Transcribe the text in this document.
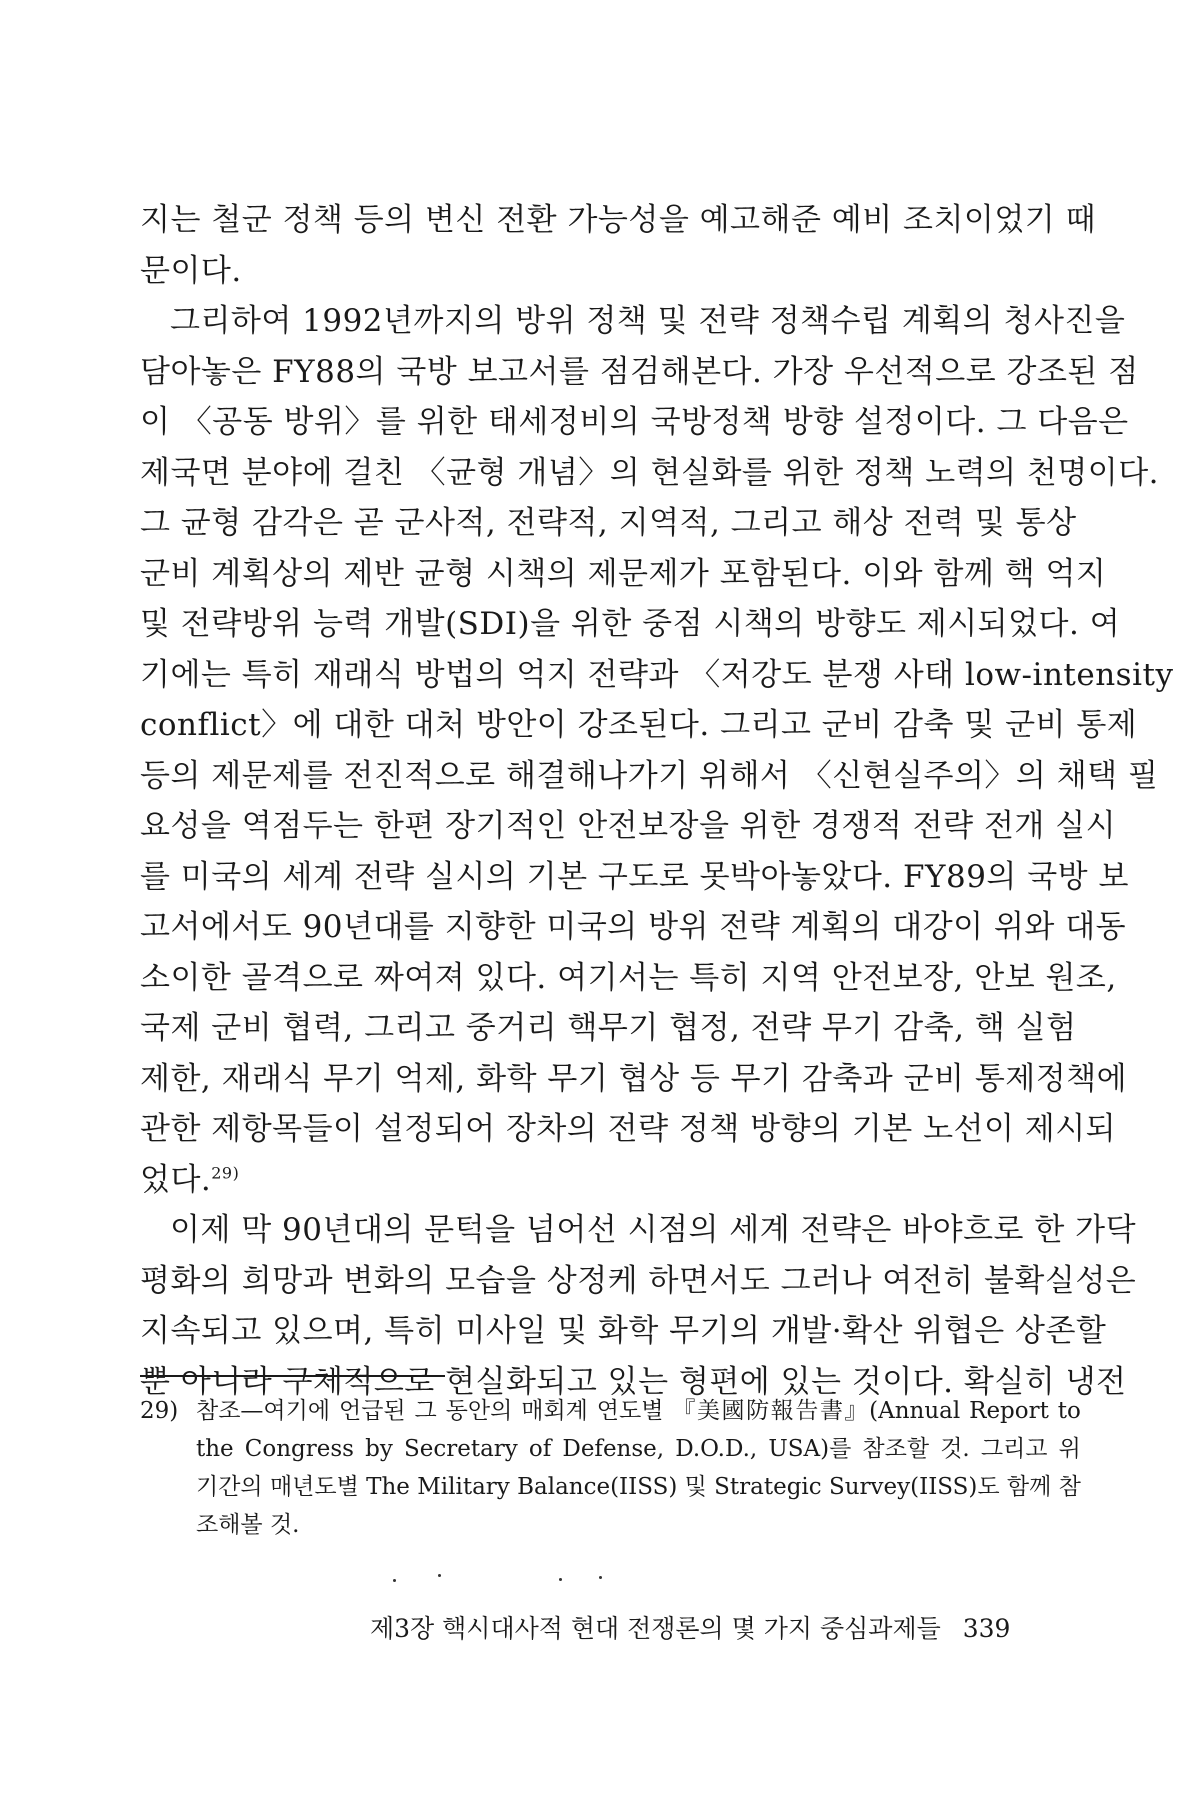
지는 철군 정책 등의 변신 전환 가능성을 예고해준 예비 조치이었기 때
문이다.
그리하여 1992년까지의 방위 정책 및 전략 정책수립 계획의 청사진을
담아놓은 FY88의 국방 보고서를 점검해본다. 가장 우선적으로 강조된 점
이 〈공동 방위〉를 위한 태세정비의 국방정책 방향 설정이다. 그 다음은
제국면 분야에 걸친 〈균형 개념〉의 현실화를 위한 정책 노력의 천명이다.
그 균형 감각은 곧 군사적, 전략적, 지역적, 그리고 해상 전력 및 통상
군비 계획상의 제반 균형 시책의 제문제가 포함된다. 이와 함께 핵 억지
및 전략방위 능력 개발(SDI)을 위한 중점 시책의 방향도 제시되었다. 여
기에는 특히 재래식 방법의 억지 전략과 〈저강도 분쟁 사태 low-intensity
conflict〉에 대한 대처 방안이 강조된다. 그리고 군비 감축 및 군비 통제
등의 제문제를 전진적으로 해결해나가기 위해서 〈신현실주의〉의 채택 필
요성을 역점두는 한편 장기적인 안전보장을 위한 경쟁적 전략 전개 실시
를 미국의 세계 전략 실시의 기본 구도로 못박아놓았다. FY89의 국방 보
고서에서도 90년대를 지향한 미국의 방위 전략 계획의 대강이 위와 대동
소이한 골격으로 짜여져 있다. 여기서는 특히 지역 안전보장, 안보 원조,
국제 군비 협력, 그리고 중거리 핵무기 협정, 전략 무기 감축, 핵 실험
제한, 재래식 무기 억제, 화학 무기 협상 등 무기 감축과 군비 통제정책에
관한 제항목들이 설정되어 장차의 전략 정책 방향의 기본 노선이 제시되
었다.$^{29)}$
이제 막 90년대의 문턱을 넘어선 시점의 세계 전략은 바야흐로 한 가닥
평화의 희망과 변화의 모습을 상정케 하면서도 그러나 여전히 불확실성은
지속되고 있으며, 특히 미사일 및 화학 무기의 개발·확산 위협은 상존할
뿐 아니라 구체적으로 현실화되고 있는 형편에 있는 것이다. 확실히 냉전
29) 참조—여기에 언급된 그 동안의 매회계 연도별 『美國防報告書』(Annual Report to
the Congress by Secretary of Defense, D.O.D., USA)를 참조할 것. 그리고 위
기간의 매년도별 The Military Balance(IISS) 및 Strategic Survey(IISS)도 함께 참
조해볼 것.
제3장 핵시대사적 현대 전쟁론의 몇 가지 중심과제들 339
